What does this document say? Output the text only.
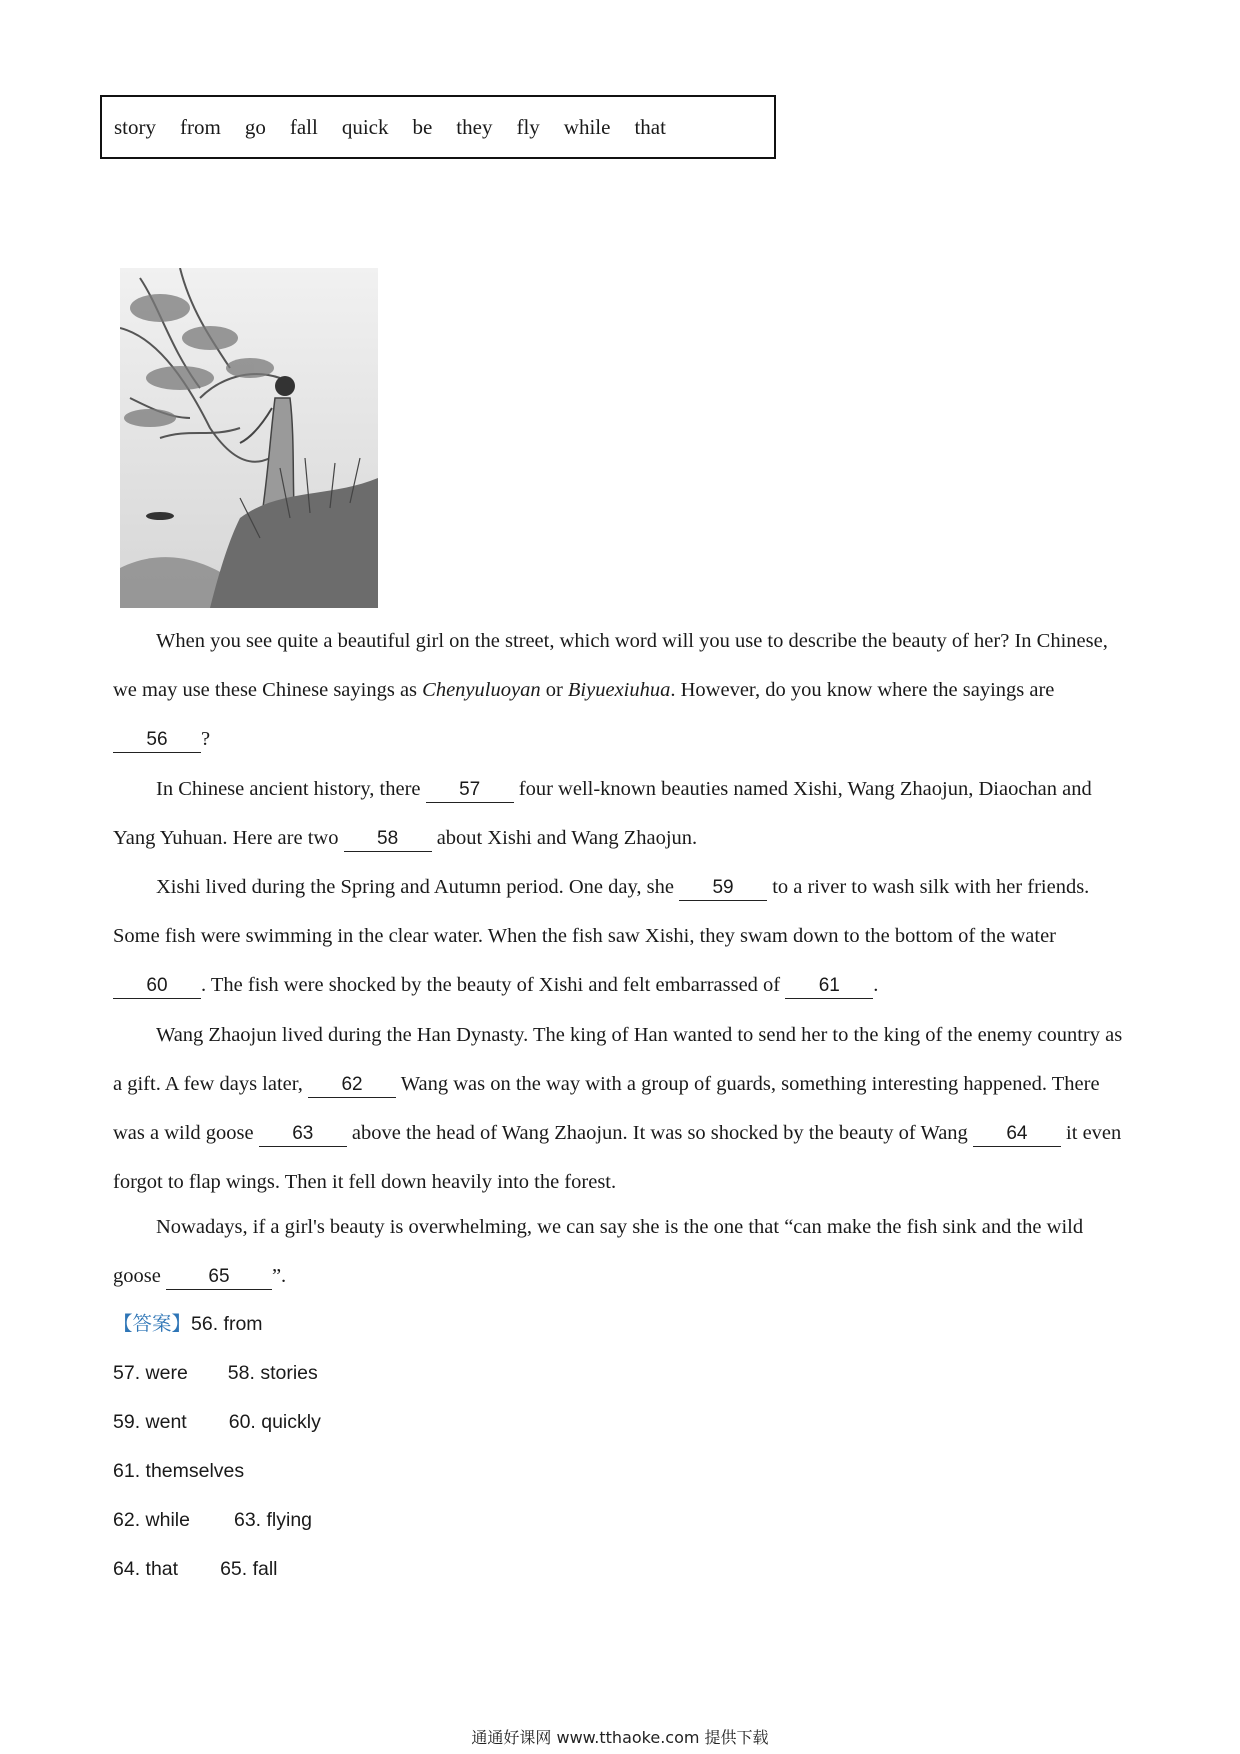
story from go fall quick be they fly while that

When you see quite a beautiful girl on the street, which word will you use to describe the beauty of her? In Chinese, we may use these Chinese sayings as Chenyuluoyan or Biyuexiuhua. However, do you know where the sayings are 56 ?

In Chinese ancient history, there 57 four well-known beauties named Xishi, Wang Zhaojun, Diaochan and Yang Yuhuan. Here are two 58 about Xishi and Wang Zhaojun.

Xishi lived during the Spring and Autumn period. One day, she 59 to a river to wash silk with her friends. Some fish were swimming in the clear water. When the fish saw Xishi, they swam down to the bottom of the water 60 . The fish were shocked by the beauty of Xishi and felt embarrassed of 61 .

Wang Zhaojun lived during the Han Dynasty. The king of Han wanted to send her to the king of the enemy country as a gift. A few days later, 62 Wang was on the way with a group of guards, something interesting happened. There was a wild goose 63 above the head of Wang Zhaojun. It was so shocked by the beauty of Wang 64 it even forgot to flap wings. Then it fell down heavily into the forest.

Nowadays, if a girl's beauty is overwhelming, we can say she is the one that “can make the fish sink and the wild goose 65 ”.

【答案】56. from
57. were 58. stories
59. went 60. quickly
61. themselves
62. while 63. flying
64. that 65. fall
通通好课网 www.tthaoke.com 提供下载
